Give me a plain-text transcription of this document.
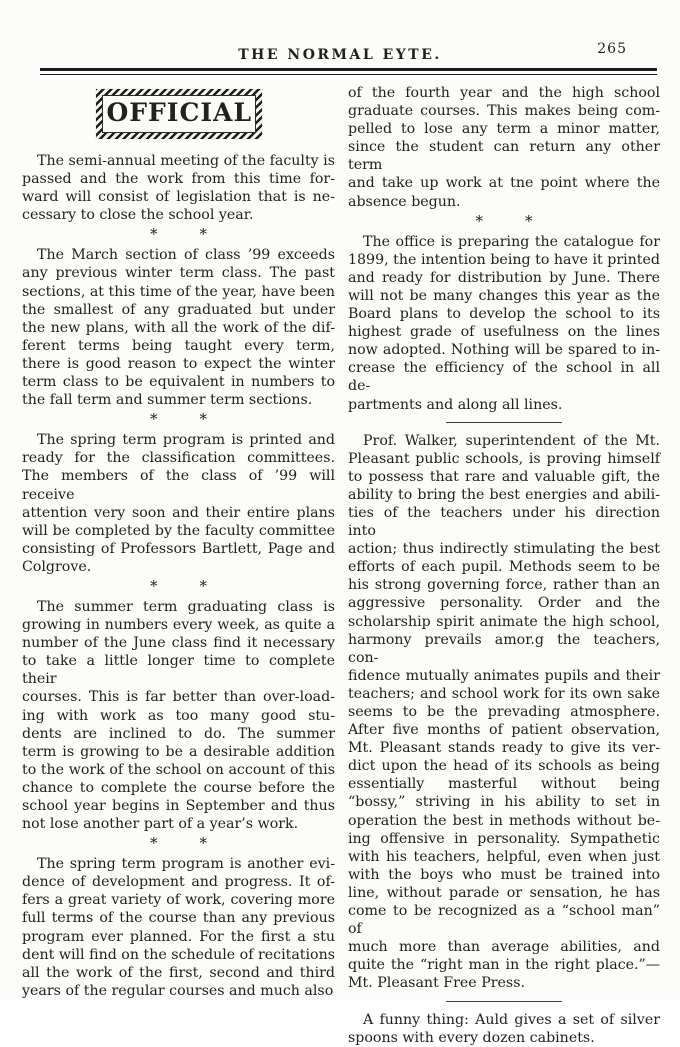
THE NORMAL EYTE.	265
OFFICIAL
The semi-annual meeting of the faculty is
passed and the work from this time for-
ward will consist of legislation that is ne-
cessary to close the school year.
*	*
The March section of class ’99 exceeds
any previous winter term class. The past
sections, at this time of the year, have been
the smallest of any graduated but under
the new plans, with all the work of the dif-
ferent terms being taught every term,
there is good reason to expect the winter
term class to be equivalent in numbers to
the fall term and summer term sections.
*	*
The spring term program is printed and
ready for the classification committees.
The members of the class of ’99 will receive
attention very soon and their entire plans
will be completed by the faculty committee
consisting of Professors Bartlett, Page and
Colgrove.
*	*
The summer term graduating class is
growing in numbers every week, as quite a
number of the June class find it necessary
to take a little longer time to complete their
courses. This is far better than over-load-
ing with work as too many good stu-
dents are inclined to do. The summer
term is growing to be a desirable addition
to the work of the school on account of this
chance to complete the course before the
school year begins in September and thus
not lose another part of a year’s work.
*	*
The spring term program is another evi-
dence of development and progress. It of-
fers a great variety of work, covering more
full terms of the course than any previous
program ever planned. For the first a stu
dent will find on the schedule of recitations
all the work of the first, second and third
years of the regular courses and much also
of the fourth year and the high school
graduate courses. This makes being com-
pelled to lose any term a minor matter,
since the student can return any other term
and take up work at tne point where the
absence begun.
*	*
The office is preparing the catalogue for
1899, the intention being to have it printed
and ready for distribution by June. There
will not be many changes this year as the
Board plans to develop the school to its
highest grade of usefulness on the lines
now adopted. Nothing will be spared to in-
crease the efficiency of the school in all de-
partments and along all lines.
Prof. Walker, superintendent of the Mt.
Pleasant public schools, is proving himself
to possess that rare and valuable gift, the
ability to bring the best energies and abili-
ties of the teachers under his direction into
action; thus indirectly stimulating the best
efforts of each pupil. Methods seem to be
his strong governing force, rather than an
aggressive personality. Order and the
scholarship spirit animate the high school,
harmony prevails amor.g the teachers, con-
fidence mutually animates pupils and their
teachers; and school work for its own sake
seems to be the prevading atmosphere.
After five months of patient observation,
Mt. Pleasant stands ready to give its ver-
dict upon the head of its schools as being
essentially masterful without being
“bossy,” striving in his ability to set in
operation the best in methods without be-
ing offensive in personality. Sympathetic
with his teachers, helpful, even when just
with the boys who must be trained into
line, without parade or sensation, he has
come to be recognized as a “school man” of
much more than average abilities, and
quite the “right man in the right place.”—
Mt. Pleasant Free Press.
A funny thing: Auld gives a set of silver
spoons with every dozen cabinets.
